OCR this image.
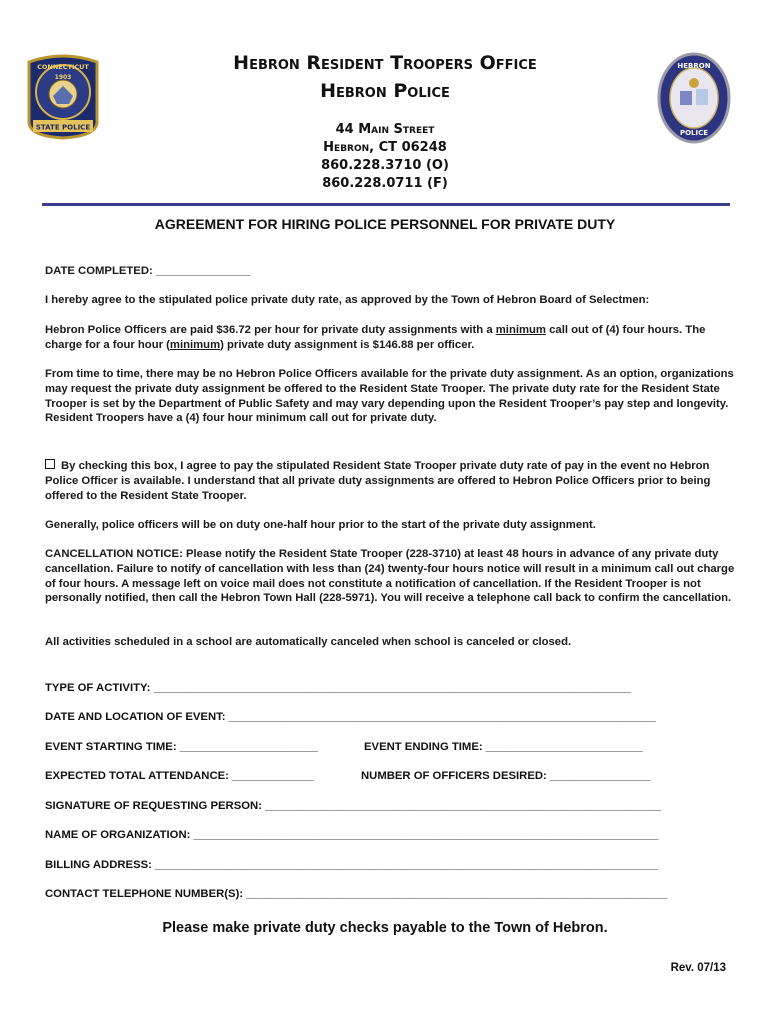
CONNECTICUT
1903
STATE POLICE
HEBRON
POLICE
Hebron Resident Troopers Office
Hebron Police
44 Main Street
Hebron, CT 06248
860.228.3710 (O)
860.228.0711 (F)
AGREEMENT FOR HIRING POLICE PERSONNEL FOR PRIVATE DUTY
DATE COMPLETED: _______________
I hereby agree to the stipulated police private duty rate, as approved by the Town of Hebron Board of Selectmen:
Hebron Police Officers are paid $36.72 per hour for private duty assignments with a minimum call out of (4) four hours. The charge for a four hour (minimum) private duty assignment is $146.88 per officer.
From time to time, there may be no Hebron Police Officers available for the private duty assignment. As an option, organizations may request the private duty assignment be offered to the Resident State Trooper. The private duty rate for the Resident State Trooper is set by the Department of Public Safety and may vary depending upon the Resident Trooper’s pay step and longevity. Resident Troopers have a (4) four hour minimum call out for private duty.
By checking this box, I agree to pay the stipulated Resident State Trooper private duty rate of pay in the event no Hebron Police Officer is available. I understand that all private duty assignments are offered to Hebron Police Officers prior to being offered to the Resident State Trooper.
Generally, police officers will be on duty one-half hour prior to the start of the private duty assignment.
CANCELLATION NOTICE: Please notify the Resident State Trooper (228-3710) at least 48 hours in advance of any private duty cancellation. Failure to notify of cancellation with less than (24) twenty-four hours notice will result in a minimum call out charge of four hours. A message left on voice mail does not constitute a notification of cancellation. If the Resident Trooper is not personally notified, then call the Hebron Town Hall (228-5971). You will receive a telephone call back to confirm the cancellation.
All activities scheduled in a school are automatically canceled when school is canceled or closed.
TYPE OF ACTIVITY: ____________________________________________________________________________
DATE AND LOCATION OF EVENT: ____________________________________________________________________
EVENT STARTING TIME: ______________________	EVENT ENDING TIME: _________________________
EXPECTED TOTAL ATTENDANCE: _____________	NUMBER OF OFFICERS DESIRED: ________________
SIGNATURE OF REQUESTING PERSON: _______________________________________________________________
NAME OF ORGANIZATION: __________________________________________________________________________
BILLING ADDRESS: ________________________________________________________________________________
CONTACT TELEPHONE NUMBER(S): ___________________________________________________________________
Please make private duty checks payable to the Town of Hebron.
Rev. 07/13
